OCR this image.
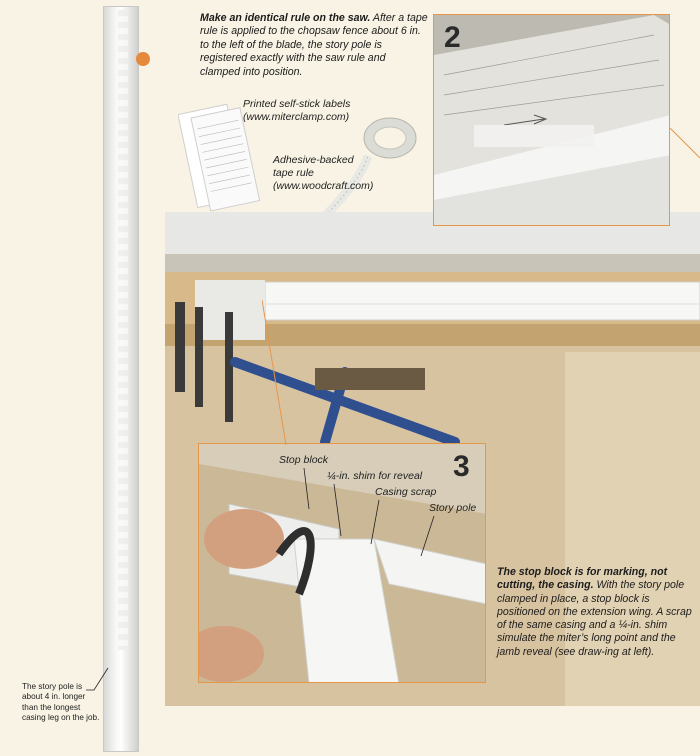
Make an identical rule on the saw. After a tape rule is applied to the chopsaw fence about 6 in. to the left of the blade, the story pole is registered exactly with the saw rule and clamped into position.
Printed self-stick labels
(www.miterclamp.com)
Adhesive-backed
tape rule
(www.woodcraft.com)
2
3
Stop block
¼-in. shim for reveal
Casing scrap
Story pole
The stop block is for marking, not cutting, the casing. With the story pole clamped in place, a stop block is positioned on the extension wing. A scrap of the same casing and a ¼-in. shim simulate the miter’s long point and the jamb reveal (see draw-ing at left).
The story pole is about 4 in. longer than the longest casing leg on the job.
